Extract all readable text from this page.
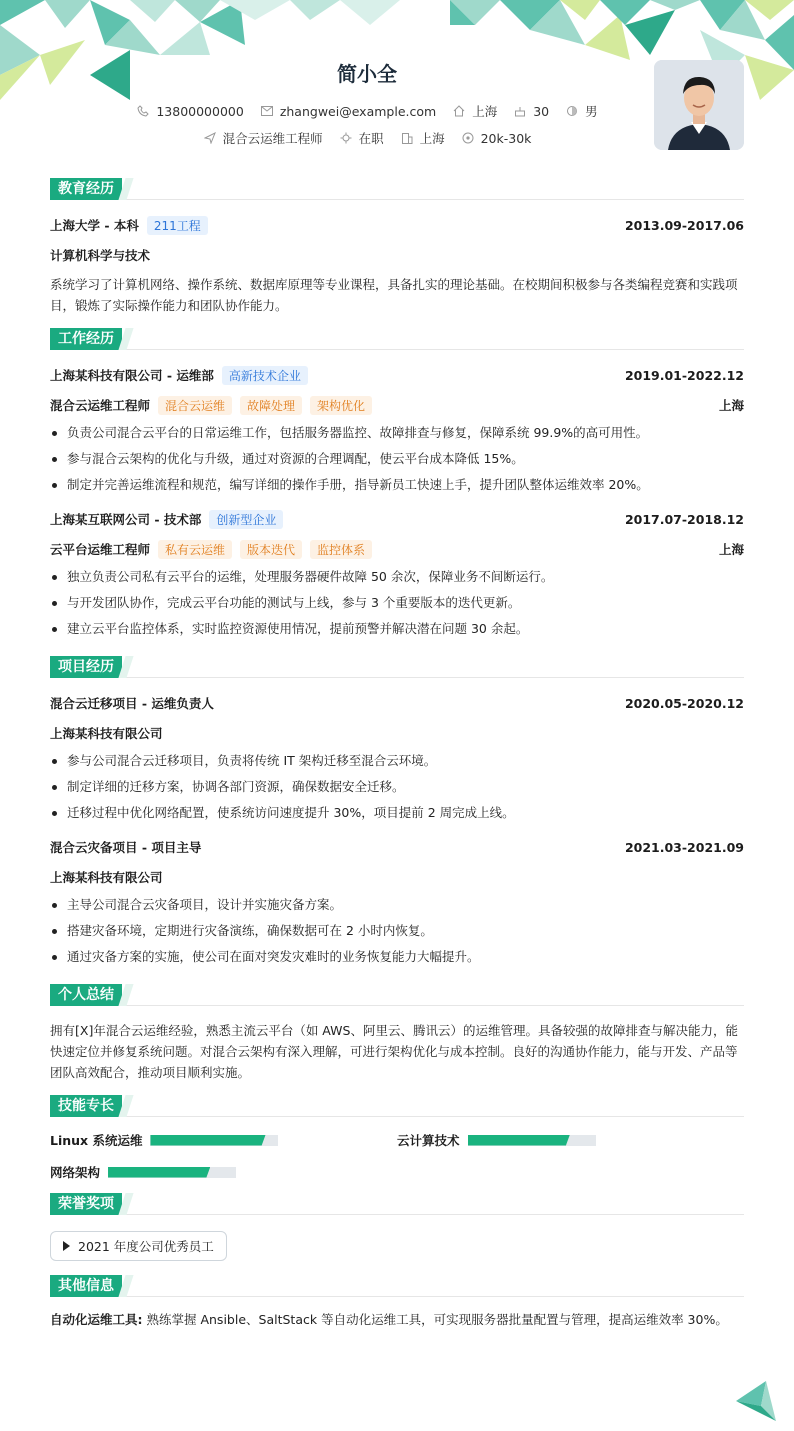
简小全
13800000000	zhangwei@example.com	上海	30	男
混合云运维工程师	在职	上海	20k-30k
教育经历
上海大学 - 本科	211工程	2013.09-2017.06
计算机科学与技术
系统学习了计算机网络、操作系统、数据库原理等专业课程，具备扎实的理论基础。在校期间积极参与各类编程竞赛和实践项目，锻炼了实际操作能力和团队协作能力。
工作经历
上海某科技有限公司 - 运维部	高新技术企业	2019.01-2022.12
混合云运维工程师	混合云运维	故障处理	架构优化	上海
负责公司混合云平台的日常运维工作，包括服务器监控、故障排查与修复，保障系统 99.9%的高可用性。
参与混合云架构的优化与升级，通过对资源的合理调配，使云平台成本降低 15%。
制定并完善运维流程和规范，编写详细的操作手册，指导新员工快速上手，提升团队整体运维效率 20%。
上海某互联网公司 - 技术部	创新型企业	2017.07-2018.12
云平台运维工程师	私有云运维	版本迭代	监控体系	上海
独立负责公司私有云平台的运维，处理服务器硬件故障 50 余次，保障业务不间断运行。
与开发团队协作，完成云平台功能的测试与上线，参与 3 个重要版本的迭代更新。
建立云平台监控体系，实时监控资源使用情况，提前预警并解决潜在问题 30 余起。
项目经历
混合云迁移项目 - 运维负责人	2020.05-2020.12
上海某科技有限公司
参与公司混合云迁移项目，负责将传统 IT 架构迁移至混合云环境。
制定详细的迁移方案，协调各部门资源，确保数据安全迁移。
迁移过程中优化网络配置，使系统访问速度提升 30%，项目提前 2 周完成上线。
混合云灾备项目 - 项目主导	2021.03-2021.09
上海某科技有限公司
主导公司混合云灾备项目，设计并实施灾备方案。
搭建灾备环境，定期进行灾备演练，确保数据可在 2 小时内恢复。
通过灾备方案的实施，使公司在面对突发灾难时的业务恢复能力大幅提升。
个人总结
拥有[X]年混合云运维经验，熟悉主流云平台（如 AWS、阿里云、腾讯云）的运维管理。具备较强的故障排查与解决能力，能快速定位并修复系统问题。对混合云架构有深入理解，可进行架构优化与成本控制。良好的沟通协作能力，能与开发、产品等团队高效配合，推动项目顺利实施。
技能专长
Linux 系统运维	云计算技术
网络架构
荣誉奖项
2021 年度公司优秀员工
其他信息
自动化运维工具: 熟练掌握 Ansible、SaltStack 等自动化运维工具，可实现服务器批量配置与管理，提高运维效率 30%。
